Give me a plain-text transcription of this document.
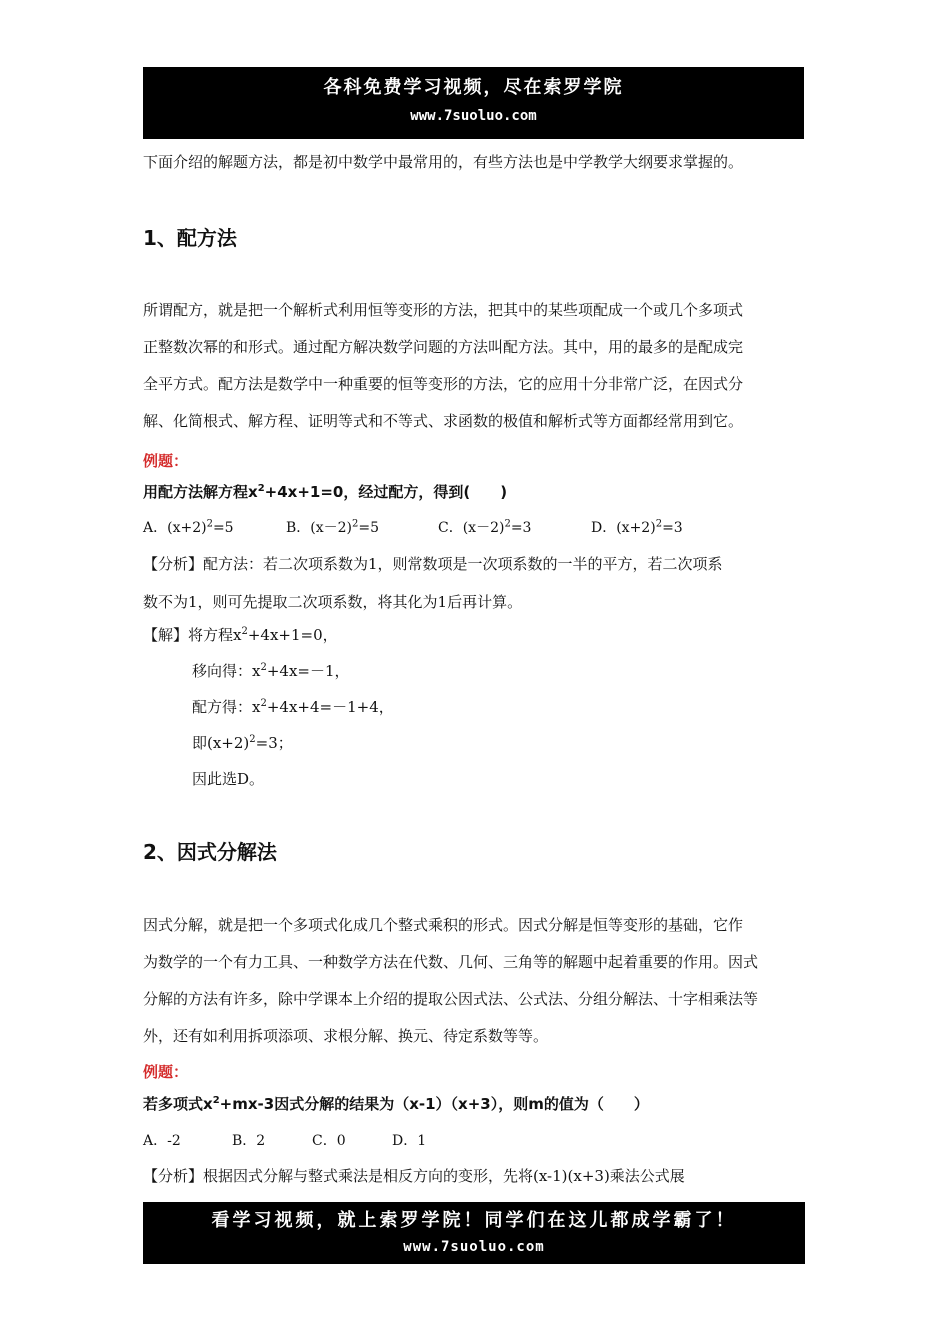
各科免费学习视频，尽在索罗学院
www.7suoluo.com
下面介绍的解题方法，都是初中数学中最常用的，有些方法也是中学教学大纲要求掌握的。
1、配方法
所谓配方，就是把一个解析式利用恒等变形的方法，把其中的某些项配成一个或几个多项式
正整数次幂的和形式。通过配方解决数学问题的方法叫配方法。其中，用的最多的是配成完
全平方式。配方法是数学中一种重要的恒等变形的方法，它的应用十分非常广泛，在因式分
解、化简根式、解方程、证明等式和不等式、求函数的极值和解析式等方面都经常用到它。
例题：
用配方法解方程$x^2+4x+1=0$，经过配方，得到(　　)
A．$(x+2)^2=5$	B．$(x-2)^2=5$	C．$(x-2)^2=3$	D．$(x+2)^2=3$
【分析】配方法：若二次项系数为1，则常数项是一次项系数的一半的平方，若二次项系
数不为1，则可先提取二次项系数，将其化为1后再计算。
【解】将方程$x^2+4x+1=0$，
移向得：$x^2+4x=-1$，
配方得：$x^2+4x+4=-1+4$，
即$(x+2)^2=3$；
因此选D。
2、因式分解法
因式分解，就是把一个多项式化成几个整式乘积的形式。因式分解是恒等变形的基础，它作
为数学的一个有力工具、一种数学方法在代数、几何、三角等的解题中起着重要的作用。因式
分解的方法有许多，除中学课本上介绍的提取公因式法、公式法、分组分解法、十字相乘法等
外，还有如利用拆项添项、求根分解、换元、待定系数等等。
例题：
若多项式$x^2+mx-3$因式分解的结果为（x-1）（x+3），则m的值为（　　）
A．-2	B．2	C．0	D．1
【分析】根据因式分解与整式乘法是相反方向的变形，先将(x-1)(x+3)乘法公式展
看学习视频，就上索罗学院！同学们在这儿都成学霸了！
www.7suoluo.com
